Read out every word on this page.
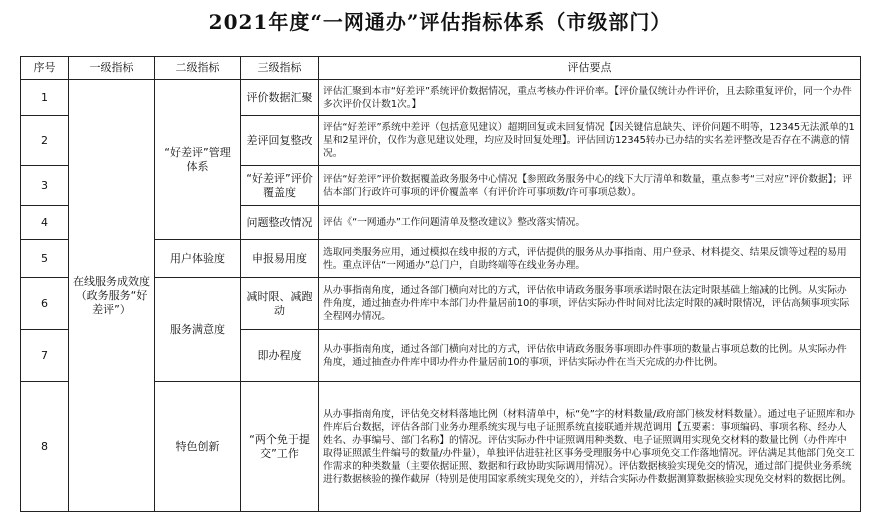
2021年度“一网通办”评估指标体系（市级部门）
序号	一级指标	二级指标	三级指标	评估要点
1	在线服务成效度（政务服务“好差评”）	“好差评”管理体系	评价数据汇聚	评估汇聚到本市“好差评”系统评价数据情况，重点考核办件评价率。【评价量仅统计办件评价，且去除重复评价，同一个办件多次评价仅计数1次。】
2			差评回复整改	评估“好差评”系统中差评（包括意见建议）超期回复或未回复情况【因关键信息缺失、评价问题不明等，12345无法派单的1星和2星评价，仅作为意见建议处理，均应及时回复处理】。评估回访12345转办已办结的实名差评整改是否存在不满意的情况。
3			“好差评”评价覆盖度	评估“好差评”评价数据覆盖政务服务中心情况【参照政务服务中心的线下大厅清单和数量，重点参考“三对应”评价数据】；评估本部门行政许可事项的评价覆盖率（有评价许可事项数/许可事项总数）。
4			问题整改情况	评估《“一网通办”工作问题清单及整改建议》整改落实情况。
5		用户体验度	申报易用度	选取同类服务应用，通过模拟在线申报的方式，评估提供的服务从办事指南、用户登录、材料提交、结果反馈等过程的易用性。重点评估“一网通办”总门户，自助终端等在线业务办理。
6		服务满意度	减时限、减跑动	从办事指南角度，通过各部门横向对比的方式，评估依申请政务服务事项承诺时限在法定时限基础上缩减的比例。从实际办件角度，通过抽查办件库中本部门办件量居前10的事项，评估实际办件时间对比法定时限的减时限情况，评估高频事项实际全程网办情况。
7			即办程度	从办事指南角度，通过各部门横向对比的方式，评估依申请政务服务事项即办件事项的数量占事项总数的比例。从实际办件角度，通过抽查办件库中即办件办件量居前10的事项，评估实际办件在当天完成的办件比例。
8		特色创新	“两个免于提交”工作	从办事指南角度，评估免交材料落地比例（材料清单中，标“免”字的材料数量/政府部门核发材料数量）。通过电子证照库和办件库后台数据，评估各部门业务办理系统实现与电子证照系统直接联通并规范调用【五要素：事项编码、事项名称、经办人姓名、办事编号、部门名称】的情况。评估实际办件中证照调用种类数、电子证照调用实现免交材料的数量比例（办件库中取得证照派生件编号的数量/办件量），单独评估进驻社区事务受理服务中心事项免交工作落地情况。评估满足其他部门免交工作需求的种类数量（主要依据证照、数据和行政协助实际调用情况）。评估数据核验实现免交的情况，通过部门提供业务系统进行数据核验的操作截屏（特别是使用国家系统实现免交的），并结合实际办件数据测算数据核验实现免交材料的数据比例。
